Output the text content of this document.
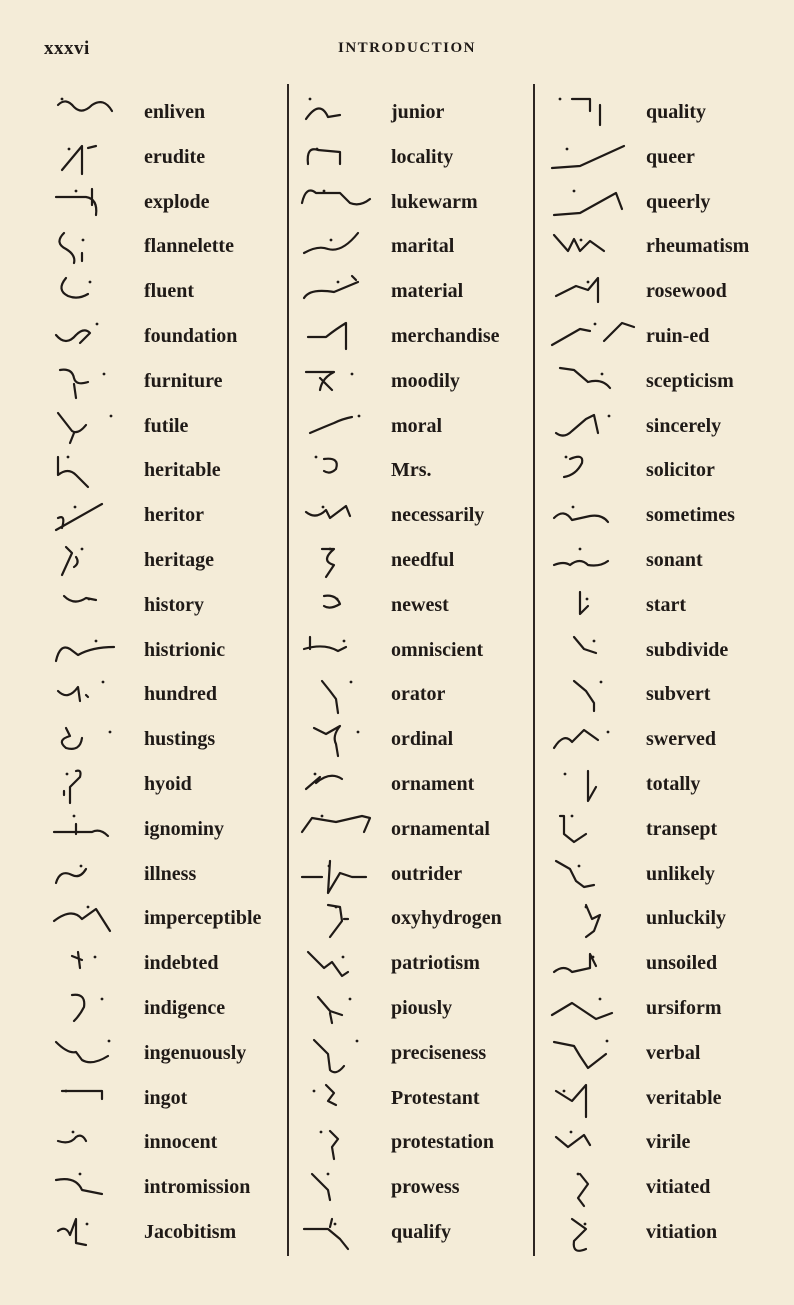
xxxvi	INTRODUCTION
enliven
erudite
explode
flannelette
fluent
foundation
furniture
futile
heritable
heritor
heritage
history
histrionic
hundred
hustings
hyoid
ignominy
illness
imperceptible
indebted
indigence
ingenuously
ingot
innocent
intromission
Jacobitism
junior
locality
lukewarm
marital
material
merchandise
moodily
moral
Mrs.
necessarily
needful
newest
omniscient
orator
ordinal
ornament
ornamental
outrider
oxyhydrogen
patriotism
piously
preciseness
Protestant
protestation
prowess
qualify
quality
queer
queerly
rheumatism
rosewood
ruin-ed
scepticism
sincerely
solicitor
sometimes
sonant
start
subdivide
subvert
swerved
totally
transept
unlikely
unluckily
unsoiled
ursiform
verbal
veritable
virile
vitiated
vitiation
